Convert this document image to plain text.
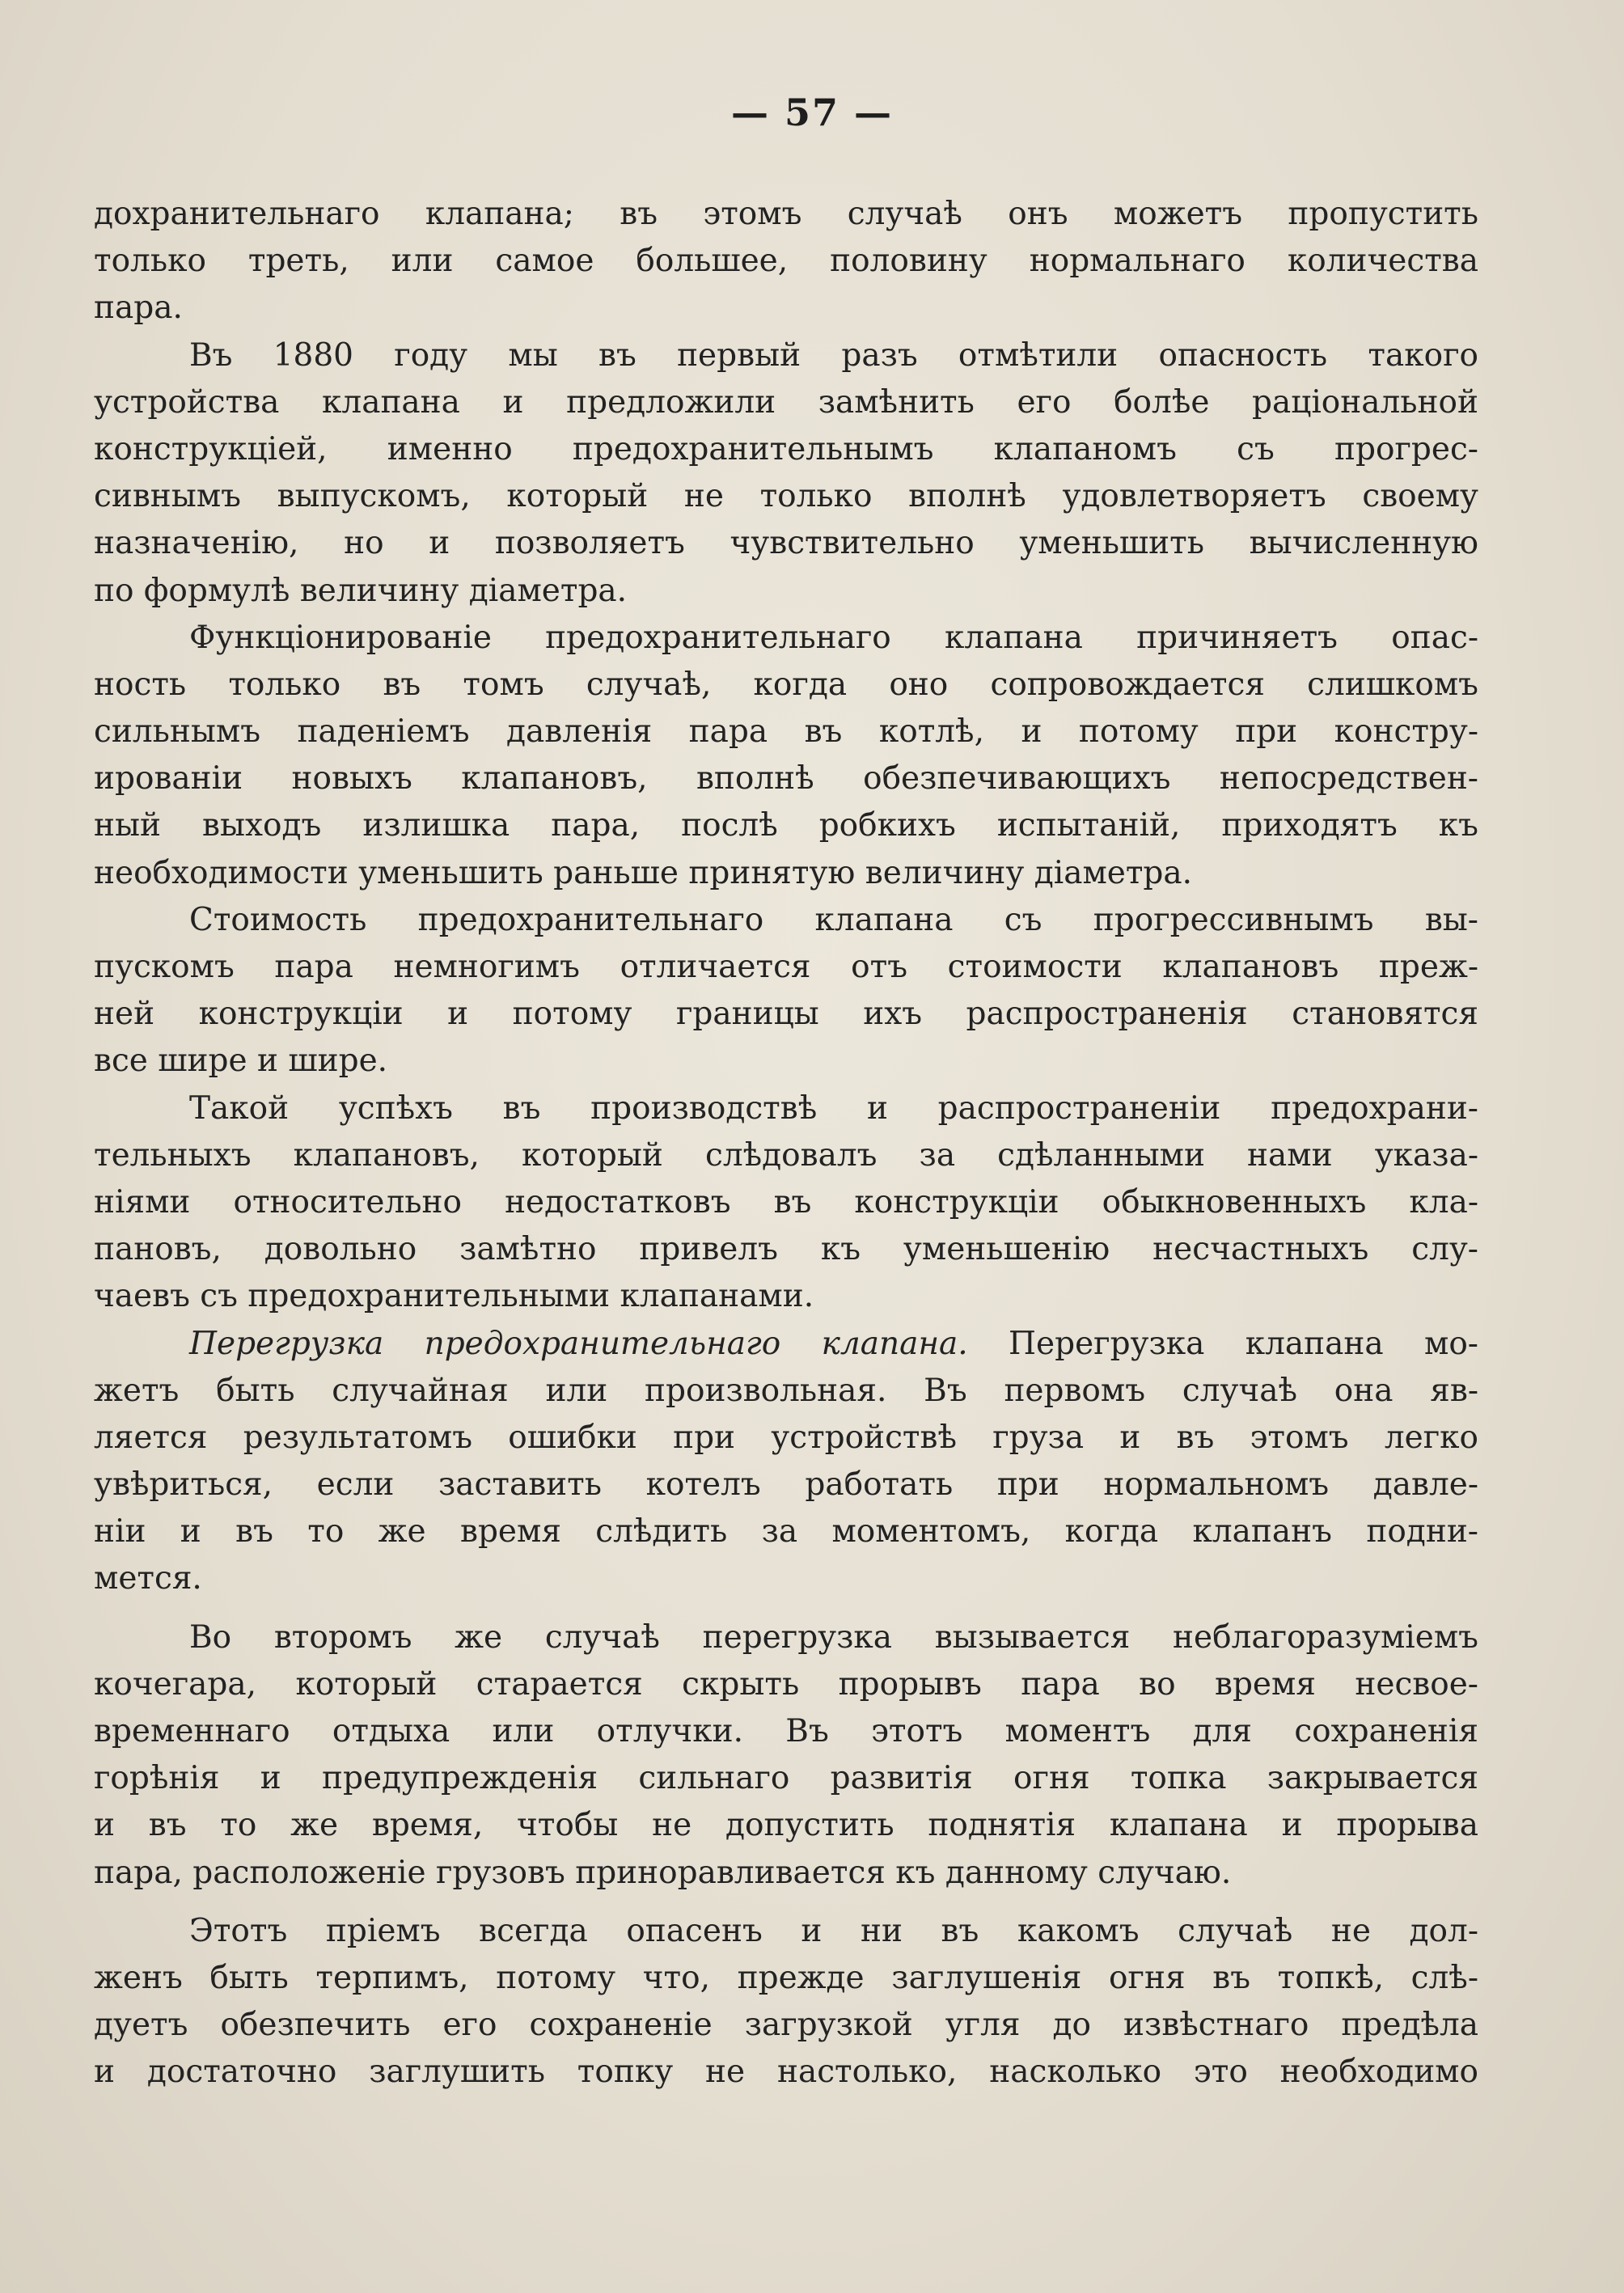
— 57 —
дохранительнаго клапана; въ этомъ случаѣ онъ можетъ пропустить
только треть, или самое большее, половину нормальнаго количества
пара.
Въ 1880 году мы въ первый разъ отмѣтили опасность такого
устройства клапана и предложили замѣнить его болѣе раціональной
конструкціей, именно предохранительнымъ клапаномъ съ прогрес-
сивнымъ выпускомъ, который не только вполнѣ удовлетворяетъ своему
назначенію, но и позволяетъ чувствительно уменьшить вычисленную
по формулѣ величину діаметра.
Функціонированіе предохранительнаго клапана причиняетъ опас-
ность только въ томъ случаѣ, когда оно сопровождается слишкомъ
сильнымъ паденіемъ давленія пара въ котлѣ, и потому при констру-
ированіи новыхъ клапановъ, вполнѣ обезпечивающихъ непосредствен-
ный выходъ излишка пара, послѣ робкихъ испытаній, приходятъ къ
необходимости уменьшить раньше принятую величину діаметра.
Стоимость предохранительнаго клапана съ прогрессивнымъ вы-
пускомъ пара немногимъ отличается отъ стоимости клапановъ преж-
ней конструкціи и потому границы ихъ распространенія становятся
все шире и шире.
Такой успѣхъ въ производствѣ и распространеніи предохрани-
тельныхъ клапановъ, который слѣдовалъ за сдѣланными нами указа-
ніями относительно недостатковъ въ конструкціи обыкновенныхъ кла-
пановъ, довольно замѣтно привелъ къ уменьшенію несчастныхъ слу-
чаевъ съ предохранительными клапанами.
Перегрузка предохранительнаго клапана. Перегрузка клапана мо-
жетъ быть случайная или произвольная. Въ первомъ случаѣ она яв-
ляется результатомъ ошибки при устройствѣ груза и въ этомъ легко
увѣриться, если заставить котелъ работать при нормальномъ давле-
ніи и въ то же время слѣдить за моментомъ, когда клапанъ подни-
мется.
Во второмъ же случаѣ перегрузка вызывается неблагоразуміемъ
кочегара, который старается скрыть прорывъ пара во время несвое-
временнаго отдыха или отлучки. Въ этотъ моментъ для сохраненія
горѣнія и предупрежденія сильнаго развитія огня топка закрывается
и въ то же время, чтобы не допустить поднятія клапана и прорыва
пара, расположеніе грузовъ приноравливается къ данному случаю.
Этотъ пріемъ всегда опасенъ и ни въ какомъ случаѣ не дол-
женъ быть терпимъ, потому что, прежде заглушенія огня въ топкѣ, слѣ-
дуетъ обезпечить его сохраненіе загрузкой угля до извѣстнаго предѣла
и достаточно заглушить топку не настолько, насколько это необходимо
